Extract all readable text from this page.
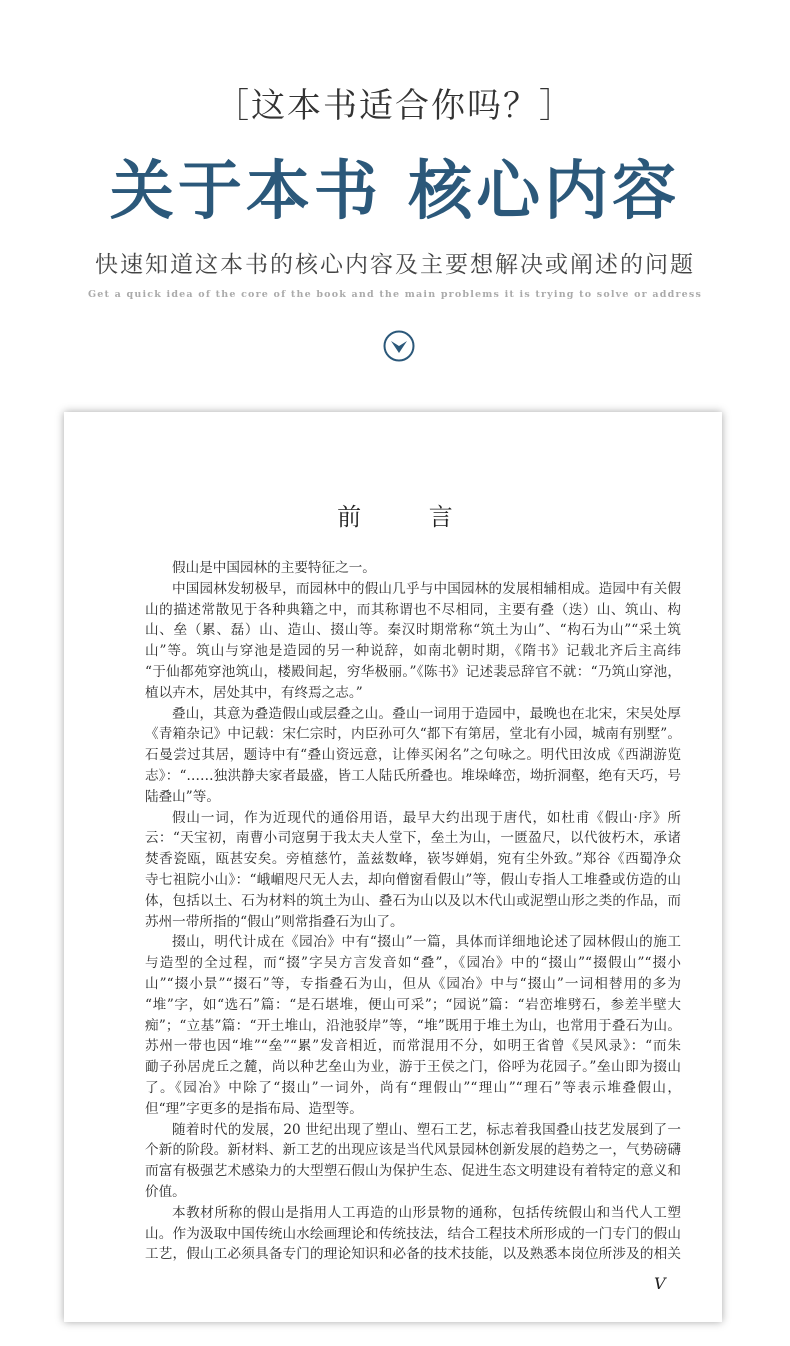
［这本书适合你吗？］
关于本书 核心内容
快速知道这本书的核心内容及主要想解决或阐述的问题
Get a quick idea of the core of the book and the main problems it is trying to solve or address
前 言
假山是中国园林的主要特征之一。
中国园林发轫极早，而园林中的假山几乎与中国园林的发展相辅相成。造园中有关假
山的描述常散见于各种典籍之中，而其称谓也不尽相同，主要有叠（迭）山、筑山、构
山、垒（累、磊）山、造山、掇山等。秦汉时期常称“筑土为山”、“构石为山”“采土筑
山”等。筑山与穿池是造园的另一种说辞，如南北朝时期，《隋书》记载北齐后主高纬
“于仙都苑穿池筑山，楼殿间起，穷华极丽。”《陈书》记述裴忌辞官不就：“乃筑山穿池，
植以卉木，居处其中，有终焉之志。”
叠山，其意为叠造假山或层叠之山。叠山一词用于造园中，最晚也在北宋，宋吴处厚
《青箱杂记》中记载：宋仁宗时，内臣孙可久“都下有第居，堂北有小园，城南有别墅”。
石曼尝过其居，题诗中有“叠山资远意，让俸买闲名”之句咏之。明代田汝成《西湖游览
志》：“……独洪静夫家者最盛，皆工人陆氏所叠也。堆垛峰峦，坳折洞壑，绝有天巧，号
陆叠山”等。
假山一词，作为近现代的通俗用语，最早大约出现于唐代，如杜甫《假山·序》所
云：“天宝初，南曹小司寇舅于我太夫人堂下，垒土为山，一匮盈尺，以代彼朽木，承诸
焚香瓷瓯，瓯甚安矣。旁植慈竹，盖兹数峰，嵚岑婵娟，宛有尘外致。”郑谷《西蜀净众
寺七祖院小山》：“峨嵋咫尺无人去，却向僧窗看假山”等，假山专指人工堆叠或仿造的山
体，包括以土、石为材料的筑土为山、叠石为山以及以木代山或泥塑山形之类的作品，而
苏州一带所指的“假山”则常指叠石为山了。
掇山，明代计成在《园冶》中有“掇山”一篇，具体而详细地论述了园林假山的施工
与造型的全过程，而“掇”字吴方言发音如“叠”，《园冶》中的“掇山”“掇假山”“掇小
山”“掇小景”“掇石”等，专指叠石为山，但从《园冶》中与“掇山”一词相替用的多为
“堆”字，如“选石”篇：“是石堪堆，便山可采”；“园说”篇：“岩峦堆劈石，参差半壁大
痴”；“立基”篇：“开土堆山，沿池驳岸”等，“堆”既用于堆土为山，也常用于叠石为山。
苏州一带也因“堆”“垒”“累”发音相近，而常混用不分，如明王省曾《吴风录》：“而朱
勔子孙居虎丘之麓，尚以种艺垒山为业，游于王侯之门，俗呼为花园子。”垒山即为掇山
了。《园冶》中除了“掇山”一词外，尚有“理假山”“理山”“理石”等表示堆叠假山，
但“理”字更多的是指布局、造型等。
随着时代的发展，20 世纪出现了塑山、塑石工艺，标志着我国叠山技艺发展到了一
个新的阶段。新材料、新工艺的出现应该是当代风景园林创新发展的趋势之一，气势磅礴
而富有极强艺术感染力的大型塑石假山为保护生态、促进生态文明建设有着特定的意义和
价值。
本教材所称的假山是指用人工再造的山形景物的通称，包括传统假山和当代人工塑
山。作为汲取中国传统山水绘画理论和传统技法，结合工程技术所形成的一门专门的假山
工艺，假山工必须具备专门的理论知识和必备的技术技能，以及熟悉本岗位所涉及的相关
V
